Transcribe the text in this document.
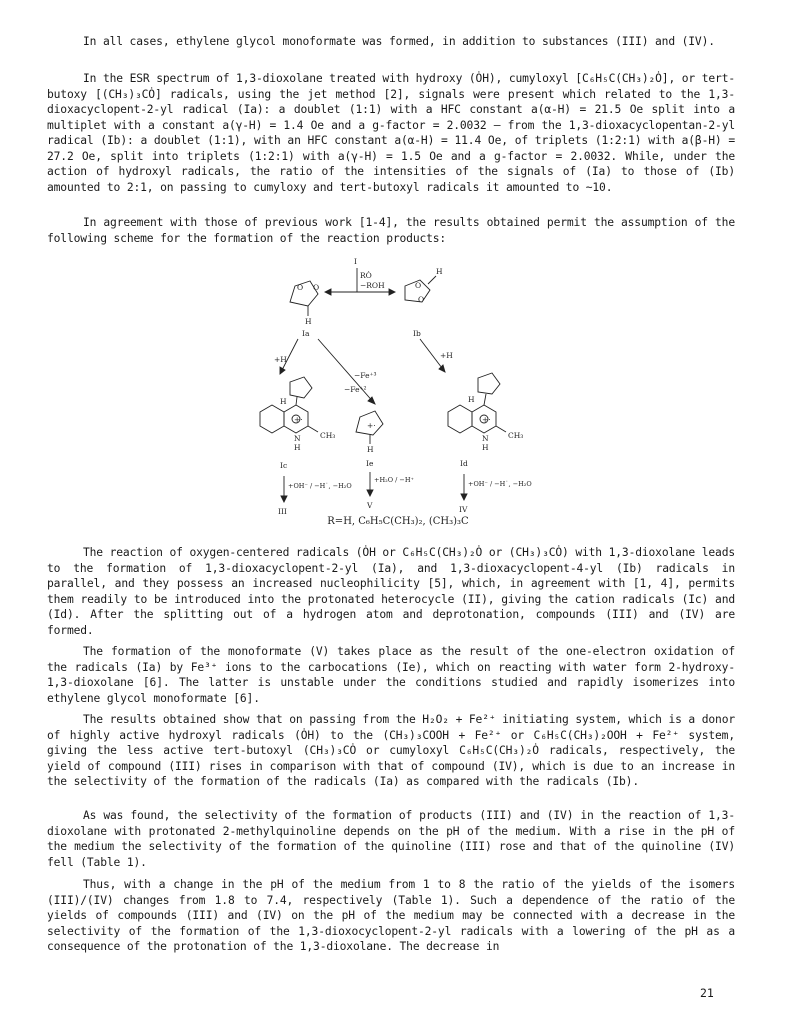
In all cases, ethylene glycol monoformate was formed, in addition to substances (III) and (IV).

In the ESR spectrum of 1,3-dioxolane treated with hydroxy (ȮH), cumyloxyl [C₆H₅C(CH₃)₂Ȯ], or tert-butoxy [(CH₃)₃CȮ] radicals, using the jet method [2], signals were present which related to the 1,3-dioxacyclopent-2-yl radical (Ia): a doublet (1:1) with a HFC constant a(α-H) = 21.5 Oe split into a multiplet with a constant a(γ-H) = 1.4 Oe and a g-factor = 2.0032 — from the 1,3-dioxacyclopentan-2-yl radical (Ib): a doublet (1:1), with an HFC constant a(α-H) = 11.4 Oe, of triplets (1:2:1) with a(β-H) = 27.2 Oe, split into triplets (1:2:1) with a(γ-H) = 1.5 Oe and a g-factor = 2.0032. While, under the action of hydroxyl radicals, the ratio of the intensities of the signals of (Ia) to those of (Ib) amounted to 2:1, on passing to cumyloxy and tert-butoxyl radicals it amounted to ~10.

In agreement with those of previous work [1-4], the results obtained permit the assumption of the following scheme for the formation of the reaction products:

I
RȮ
−ROH
O O
H
O
O
H
Ia	Ib
+H	+H
−Fe⁺³
−Fe⁺²
+·
H
N
H
CH₃
+·
H
+·
H
N
H
CH₃
Ic	Ie	Id
+OH⁻ / −H˙, −H₂O
+H₂O / −H⁺	+OH⁻ / −H˙, −H₂O
III
V	IV
R=H, C₆H₅C(CH₃)₂, (CH₃)₃C

The reaction of oxygen-centered radicals (ȮH or C₆H₅C(CH₃)₂Ȯ or (CH₃)₃CȮ) with 1,3-dioxolane leads to the formation of 1,3-dioxacyclopent-2-yl (Ia), and 1,3-dioxacyclopent-4-yl (Ib) radicals in parallel, and they possess an increased nucleophilicity [5], which, in agreement with [1, 4], permits them readily to be introduced into the protonated heterocycle (II), giving the cation radicals (Ic) and (Id). After the splitting out of a hydrogen atom and deprotonation, compounds (III) and (IV) are formed.

The formation of the monoformate (V) takes place as the result of the one-electron oxidation of the radicals (Ia) by Fe³⁺ ions to the carbocations (Ie), which on reacting with water form 2-hydroxy-1,3-dioxolane [6]. The latter is unstable under the conditions studied and rapidly isomerizes into ethylene glycol monoformate [6].

The results obtained show that on passing from the H₂O₂ + Fe²⁺ initiating system, which is a donor of highly active hydroxyl radicals (ȮH) to the (CH₃)₃COOH + Fe²⁺ or C₆H₅C(CH₃)₂OOH + Fe²⁺ system, giving the less active tert-butoxyl (CH₃)₃CȮ or cumyloxyl C₆H₅C(CH₃)₂Ȯ radicals, respectively, the yield of compound (III) rises in comparison with that of compound (IV), which is due to an increase in the selectivity of the formation of the radicals (Ia) as compared with the radicals (Ib).

As was found, the selectivity of the formation of products (III) and (IV) in the reaction of 1,3-dioxolane with protonated 2-methylquinoline depends on the pH of the medium. With a rise in the pH of the medium the selectivity of the formation of the quinoline (III) rose and that of the quinoline (IV) fell (Table 1).

Thus, with a change in the pH of the medium from 1 to 8 the ratio of the yields of the isomers (III)/(IV) changes from 1.8 to 7.4, respectively (Table 1). Such a dependence of the ratio of the yields of compounds (III) and (IV) on the pH of the medium may be connected with a decrease in the selectivity of the formation of the 1,3-dioxocyclopent-2-yl radicals with a lowering of the pH as a consequence of the protonation of the 1,3-dioxolane. The decrease in

21
